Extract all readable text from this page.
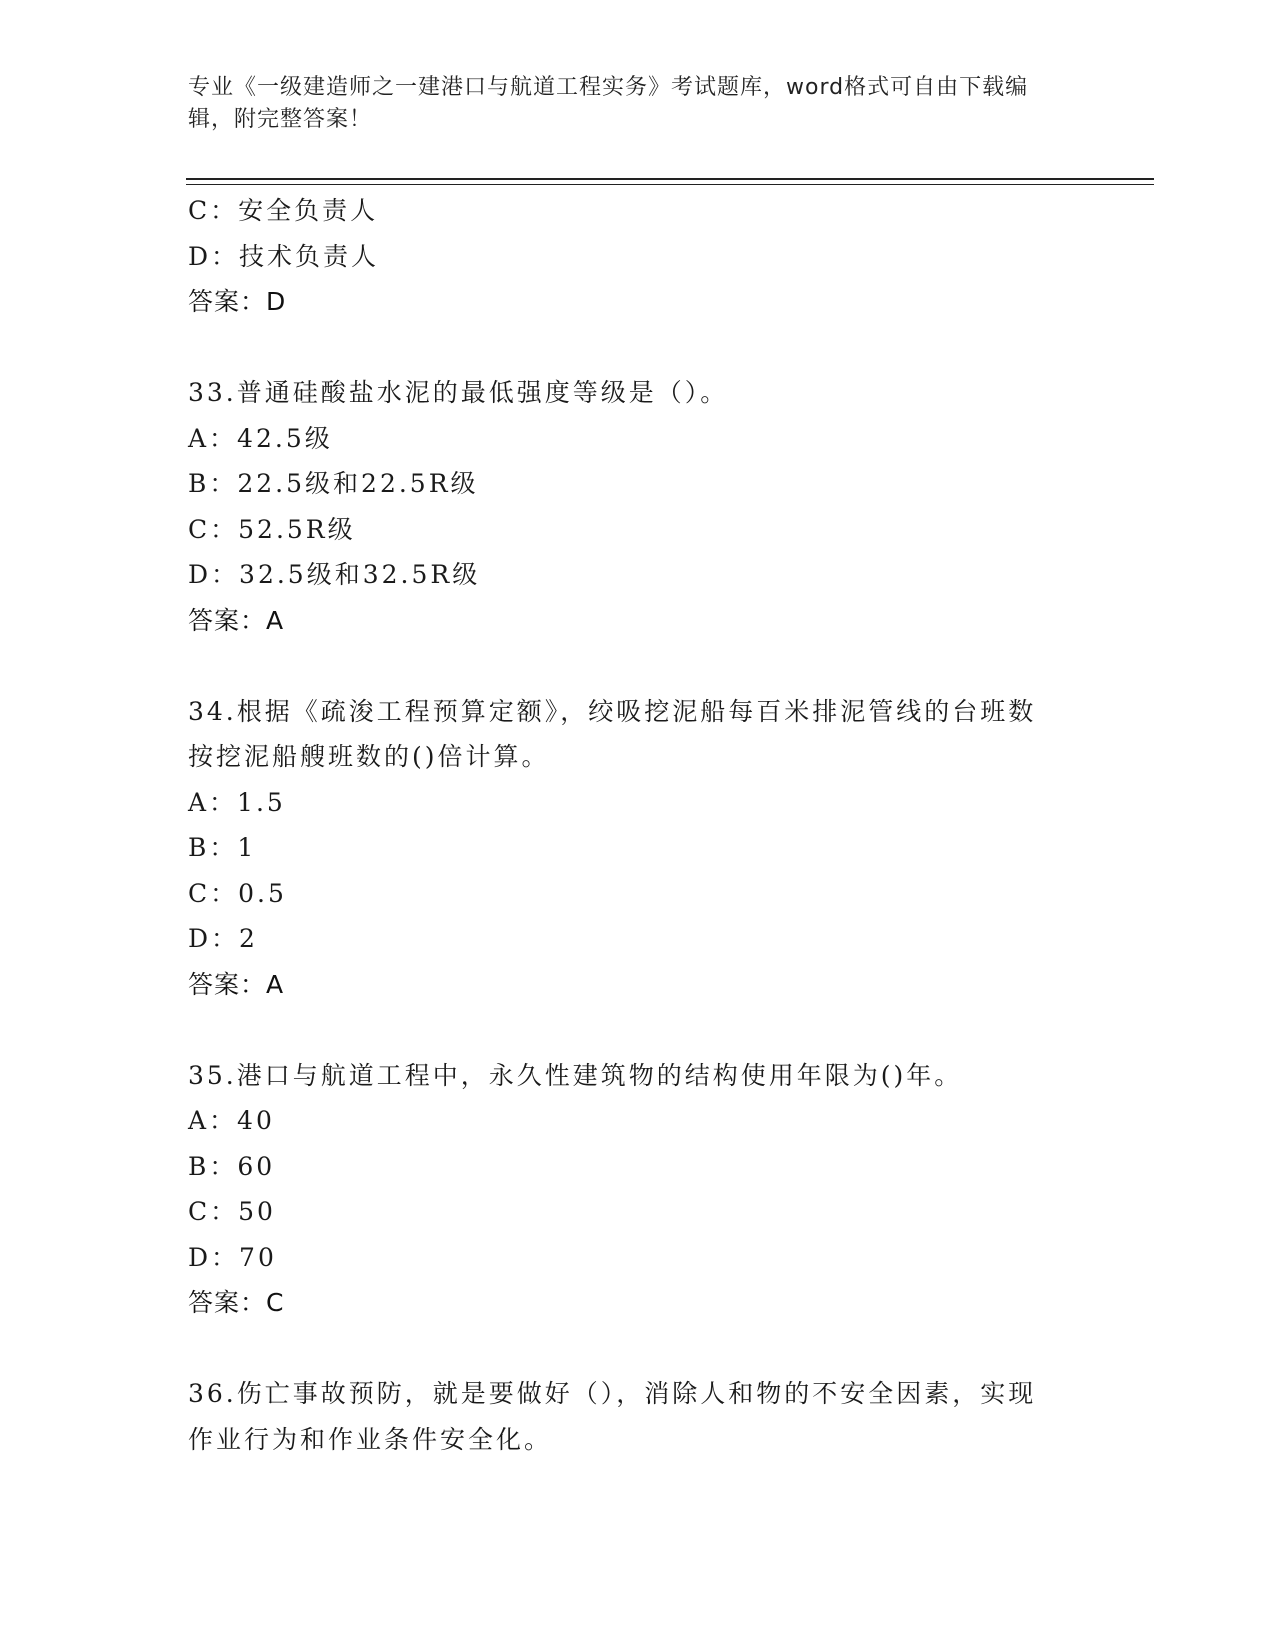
专业《一级建造师之一建港口与航道工程实务》考试题库，word格式可自由下载编辑，附完整答案！
C：安全负责人
D：技术负责人
答案：D
33.普通硅酸盐水泥的最低强度等级是（）。
A：42.5级
B：22.5级和22.5R级
C：52.5R级
D：32.5级和32.5R级
答案：A
34.根据《疏浚工程预算定额》，绞吸挖泥船每百米排泥管线的台班数
按挖泥船艘班数的()倍计算。
A：1.5
B：1
C：0.5
D：2
答案：A
35.港口与航道工程中，永久性建筑物的结构使用年限为()年。
A：40
B：60
C：50
D：70
答案：C
36.伤亡事故预防，就是要做好（），消除人和物的不安全因素，实现
作业行为和作业条件安全化。
